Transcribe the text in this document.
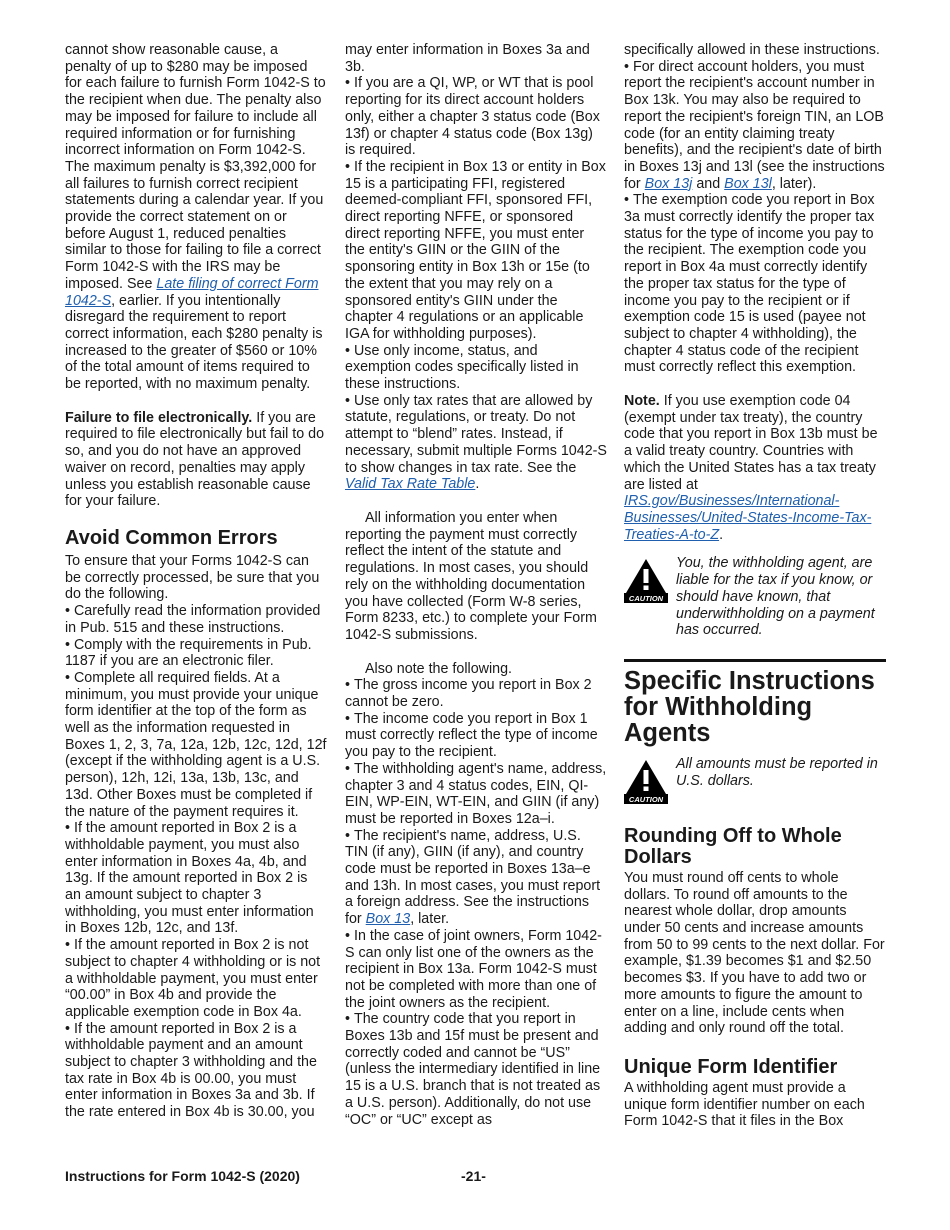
cannot show reasonable cause, a penalty of up to $280 may be imposed for each failure to furnish Form 1042-S to the recipient when due. The penalty also may be imposed for failure to include all required information or for furnishing incorrect information on Form 1042-S. The maximum penalty is $3,392,000 for all failures to furnish correct recipient statements during a calendar year. If you provide the correct statement on or before August 1, reduced penalties similar to those for failing to file a correct Form 1042-S with the IRS may be imposed. See Late filing of correct Form 1042-S, earlier. If you intentionally disregard the requirement to report correct information, each $280 penalty is increased to the greater of $560 or 10% of the total amount of items required to be reported, with no maximum penalty.

Failure to file electronically. If you are required to file electronically but fail to do so, and you do not have an approved waiver on record, penalties may apply unless you establish reasonable cause for your failure.

Avoid Common Errors

To ensure that your Forms 1042-S can be correctly processed, be sure that you do the following.

• Carefully read the information provided in Pub. 515 and these instructions.

• Comply with the requirements in Pub. 1187 if you are an electronic filer.

• Complete all required fields. At a minimum, you must provide your unique form identifier at the top of the form as well as the information requested in Boxes 1, 2, 3, 7a, 12a, 12b, 12c, 12d, 12f (except if the withholding agent is a U.S. person), 12h, 12i, 13a, 13b, 13c, and 13d. Other Boxes must be completed if the nature of the payment requires it.

• If the amount reported in Box 2 is a withholdable payment, you must also enter information in Boxes 4a, 4b, and 13g. If the amount reported in Box 2 is an amount subject to chapter 3 withholding, you must enter information in Boxes 12b, 12c, and 13f.

• If the amount reported in Box 2 is not subject to chapter 4 withholding or is not a withholdable payment, you must enter “00.00” in Box 4b and provide the applicable exemption code in Box 4a.

• If the amount reported in Box 2 is a withholdable payment and an amount subject to chapter 3 withholding and the tax rate in Box 4b is 00.00, you must enter information in Boxes 3a and 3b. If the rate entered in Box 4b is 30.00, you

may enter information in Boxes 3a and 3b.

• If you are a QI, WP, or WT that is pool reporting for its direct account holders only, either a chapter 3 status code (Box 13f) or chapter 4 status code (Box 13g) is required.

• If the recipient in Box 13 or entity in Box 15 is a participating FFI, registered deemed-compliant FFI, sponsored FFI, direct reporting NFFE, or sponsored direct reporting NFFE, you must enter the entity's GIIN or the GIIN of the sponsoring entity in Box 13h or 15e (to the extent that you may rely on a sponsored entity's GIIN under the chapter 4 regulations or an applicable IGA for withholding purposes).

• Use only income, status, and exemption codes specifically listed in these instructions.

• Use only tax rates that are allowed by statute, regulations, or treaty. Do not attempt to “blend” rates. Instead, if necessary, submit multiple Forms 1042-S to show changes in tax rate. See the Valid Tax Rate Table.

All information you enter when reporting the payment must correctly reflect the intent of the statute and regulations. In most cases, you should rely on the withholding documentation you have collected (Form W-8 series, Form 8233, etc.) to complete your Form 1042-S submissions.

Also note the following.

• The gross income you report in Box 2 cannot be zero.

• The income code you report in Box 1 must correctly reflect the type of income you pay to the recipient.

• The withholding agent's name, address, chapter 3 and 4 status codes, EIN, QI-EIN, WP-EIN, WT-EIN, and GIIN (if any) must be reported in Boxes 12a–i.

• The recipient's name, address, U.S. TIN (if any), GIIN (if any), and country code must be reported in Boxes 13a–e and 13h. In most cases, you must report a foreign address. See the instructions for Box 13, later.

• In the case of joint owners, Form 1042-S can only list one of the owners as the recipient in Box 13a. Form 1042-S must not be completed with more than one of the joint owners as the recipient.

• The country code that you report in Boxes 13b and 15f must be present and correctly coded and cannot be “US” (unless the intermediary identified in line 15 is a U.S. branch that is not treated as a U.S. person). Additionally, do not use “OC” or “UC” except as

specifically allowed in these instructions.

• For direct account holders, you must report the recipient's account number in Box 13k. You may also be required to report the recipient's foreign TIN, an LOB code (for an entity claiming treaty benefits), and the recipient's date of birth in Boxes 13j and 13l (see the instructions for Box 13j and Box 13l, later).

• The exemption code you report in Box 3a must correctly identify the proper tax status for the type of income you pay to the recipient. The exemption code you report in Box 4a must correctly identify the proper tax status for the type of income you pay to the recipient or if exemption code 15 is used (payee not subject to chapter 4 withholding), the chapter 4 status code of the recipient must correctly reflect this exemption.

Note. If you use exemption code 04 (exempt under tax treaty), the country code that you report in Box 13b must be a valid treaty country. Countries with which the United States has a tax treaty are listed at IRS.gov/Businesses/International-Businesses/United-States-Income-Tax-Treaties-A-to-Z.

CAUTION
You, the withholding agent, are liable for the tax if you know, or should have known, that underwithholding on a payment has occurred.
Specific Instructions for Withholding Agents
CAUTION
All amounts must be reported in U.S. dollars.
Rounding Off to Whole Dollars

You must round off cents to whole dollars. To round off amounts to the nearest whole dollar, drop amounts under 50 cents and increase amounts from 50 to 99 cents to the next dollar. For example, $1.39 becomes $1 and $2.50 becomes $3. If you have to add two or more amounts to figure the amount to enter on a line, include cents when adding and only round off the total.

Unique Form Identifier

A withholding agent must provide a unique form identifier number on each Form 1042-S that it files in the Box

Instructions for Form 1042-S (2020)	-21-
